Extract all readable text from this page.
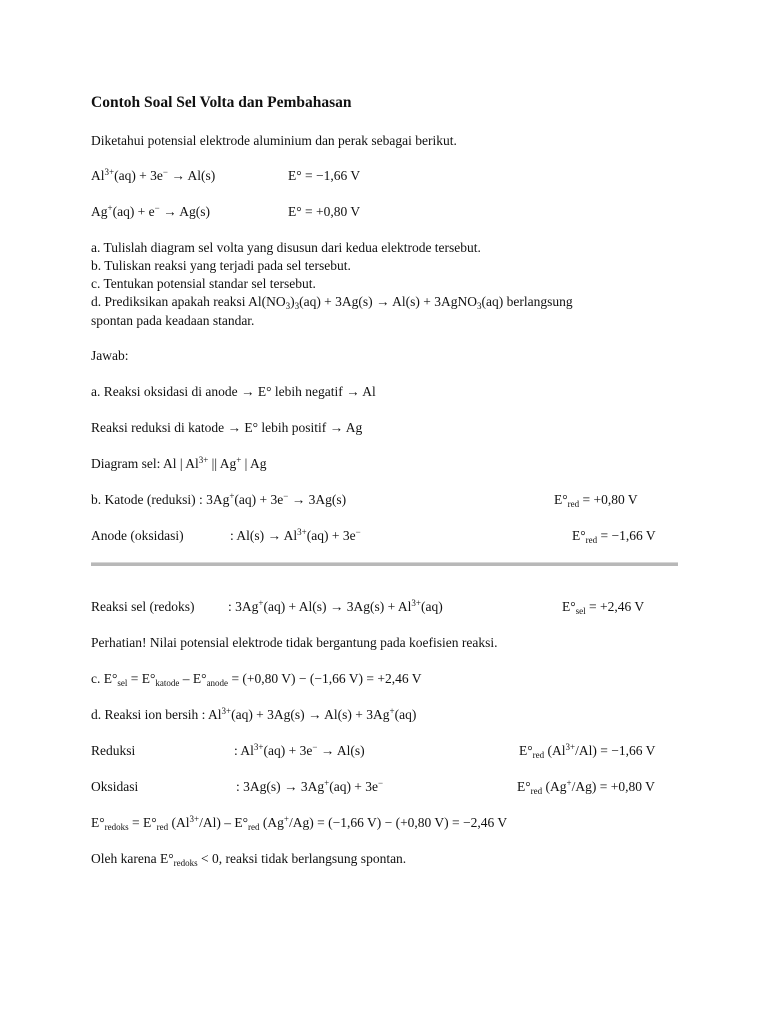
Contoh Soal Sel Volta dan Pembahasan
Diketahui potensial elektrode aluminium dan perak sebagai berikut.
$Al^{3+}(aq) + 3e^- \to Al(s)$	E° = −1,66 V
Ag+(aq) + e− → Ag(s)	E° = +0,80 V
a. Tulislah diagram sel volta yang disusun dari kedua elektrode tersebut.
b. Tuliskan reaksi yang terjadi pada sel tersebut.
c. Tentukan potensial standar sel tersebut.
d. Prediksikan apakah reaksi $Al(NO_3)_3(aq) + 3Ag(s) \to Al(s)$ + 3AgNO$_3$(aq) berlangsung
spontan pada keadaan standar.
Jawab:
a. Reaksi oksidasi di anode → E° lebih negatif → Al
Reaksi reduksi di katode → E° lebih positif → Ag
Diagram sel: Al | $Al^{3+}$ || Ag+ | Ag
b. Katode (reduksi) : 3Ag+(aq) + 3e− → 3Ag(s)	$E^\circ_{red} = +0,80$ V
Anode (oksidasi)	: $Al(s) \to Al^{3+}(aq) + 3e^-$	$E^\circ_{red} = -1,66$ V
Reaksi sel (redoks) : $3Ag^+(aq) + Al(s) \to 3Ag(s) + Al^{3+}(aq)$	$E^\circ_{sel} = +2,46$ V
Perhatian! Nilai potensial elektrode tidak bergantung pada koefisien reaksi.
c. $E^\circ_{sel} = E^\circ_{katode} - E^\circ_{anode} = (+0,80$ V) − (−1,66 V) = +2,46 V
d. Reaksi ion bersih : $Al^{3+}(aq) + 3Ag(s) \to Al(s) + 3Ag^+(aq)$
Reduksi	: $Al^{3+}(aq) + 3e^- \to Al(s)$	$E^\circ_{red}$ $(Al^{3+}/Al) = -1,66$ V
Oksidasi	: 3Ag(s) → 3Ag+(aq) + 3e−	$E^\circ_{red}$ (Ag+/Ag) = +0,80 V
$E^\circ_{redoks} = E^\circ_{red}$ $(Al^{3+}/Al) - E^\circ_{red}$ (Ag+/Ag) = (−1,66 V) − (+0,80 V) = −2,46 V
Oleh karena $E^\circ_{redoks} < 0$, reaksi tidak berlangsung spontan.
